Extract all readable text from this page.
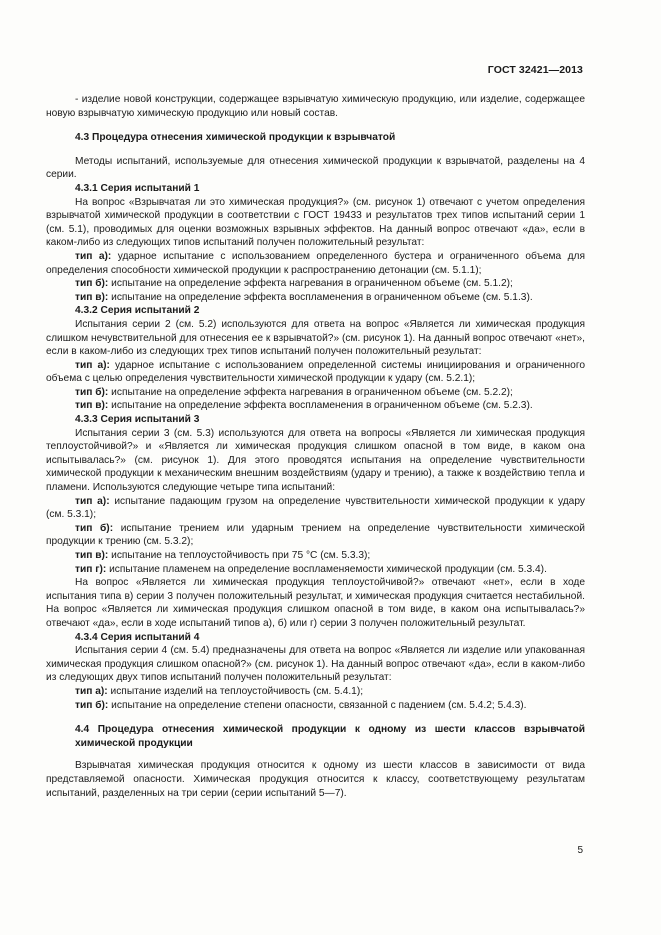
ГОСТ 32421—2013

- изделие новой конструкции, содержащее взрывчатую химическую продукцию, или изделие, содержащее новую взрывчатую химическую продукцию или новый состав.

4.3 Процедура отнесения химической продукции к взрывчатой

Методы испытаний, используемые для отнесения химической продукции к взрывчатой, разделены на 4 серии.

4.3.1 Серия испытаний 1

На вопрос «Взрывчатая ли это химическая продукция?» (см. рисунок 1) отвечают с учетом определения взрывчатой химической продукции в соответствии с ГОСТ 19433 и результатов трех типов испытаний серии 1 (см. 5.1), проводимых для оценки возможных взрывных эффектов. На данный вопрос отвечают «да», если в каком-либо из следующих типов испытаний получен положительный результат:

тип а): ударное испытание с использованием определенного бустера и ограниченного объема для определения способности химической продукции к распространению детонации (см. 5.1.1);

тип б): испытание на определение эффекта нагревания в ограниченном объеме (см. 5.1.2);

тип в): испытание на определение эффекта воспламенения в ограниченном объеме (см. 5.1.3).

4.3.2 Серия испытаний 2

Испытания серии 2 (см. 5.2) используются для ответа на вопрос «Является ли химическая продукция слишком нечувствительной для отнесения ее к взрывчатой?» (см. рисунок 1). На данный вопрос отвечают «нет», если в каком-либо из следующих трех типов испытаний получен положительный результат:

тип а): ударное испытание с использованием определенной системы инициирования и ограниченного объема с целью определения чувствительности химической продукции к удару (см. 5.2.1);

тип б): испытание на определение эффекта нагревания в ограниченном объеме (см. 5.2.2);

тип в): испытание на определение эффекта воспламенения в ограниченном объеме (см. 5.2.3).

4.3.3 Серия испытаний 3

Испытания серии 3 (см. 5.3) используются для ответа на вопросы «Является ли химическая продукция теплоустойчивой?» и «Является ли химическая продукция слишком опасной в том виде, в каком она испытывалась?» (см. рисунок 1). Для этого проводятся испытания на определение чувствительности химической продукции к механическим внешним воздействиям (удару и трению), а также к воздействию тепла и пламени. Используются следующие четыре типа испытаний:

тип а): испытание падающим грузом на определение чувствительности химической продукции к удару (см. 5.3.1);

тип б): испытание трением или ударным трением на определение чувствительности химической продукции к трению (см. 5.3.2);

тип в): испытание на теплоустойчивость при 75 °С (см. 5.3.3);

тип г): испытание пламенем на определение воспламеняемости химической продукции (см. 5.3.4).

На вопрос «Является ли химическая продукция теплоустойчивой?» отвечают «нет», если в ходе испытания типа в) серии 3 получен положительный результат, и химическая продукция считается нестабильной. На вопрос «Является ли химическая продукция слишком опасной в том виде, в каком она испытывалась?» отвечают «да», если в ходе испытаний типов а), б) или г) серии 3 получен положительный результат.

4.3.4 Серия испытаний 4

Испытания серии 4 (см. 5.4) предназначены для ответа на вопрос «Является ли изделие или упакованная химическая продукция слишком опасной?» (см. рисунок 1). На данный вопрос отвечают «да», если в каком-либо из следующих двух типов испытаний получен положительный результат:

тип а): испытание изделий на теплоустойчивость (см. 5.4.1);

тип б): испытание на определение степени опасности, связанной с падением (см. 5.4.2; 5.4.3).

4.4 Процедура отнесения химической продукции к одному из шести классов взрывчатой химической продукции

Взрывчатая химическая продукция относится к одному из шести классов в зависимости от вида представляемой опасности. Химическая продукция относится к классу, соответствующему результатам испытаний, разделенных на три серии (серии испытаний 5—7).

5
